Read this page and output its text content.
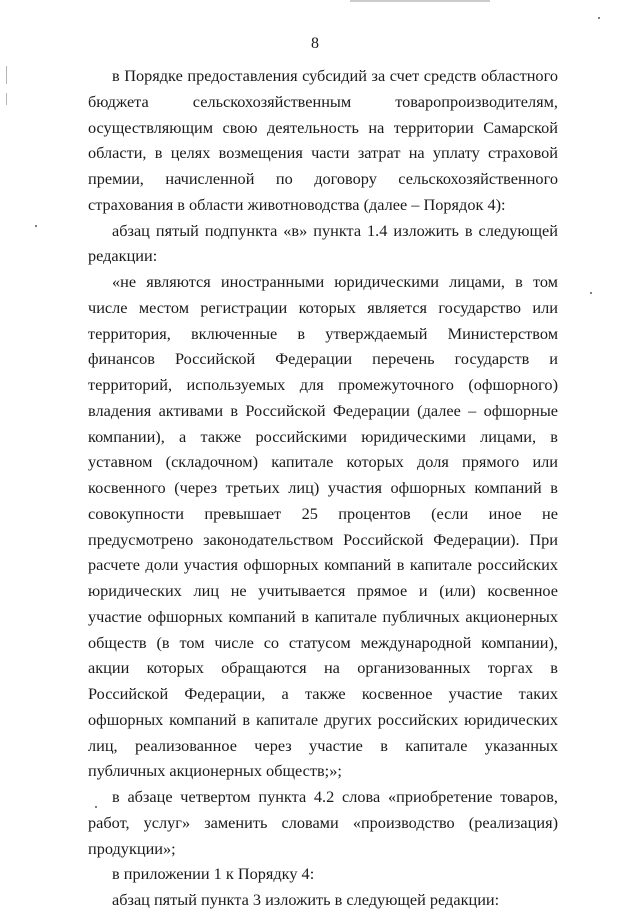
8

в Порядке предоставления субсидий за счет средств областного бюджета сельскохозяйственным товаропроизводителям, осуществляющим свою деятельность на территории Самарской области, в целях возмещения части затрат на уплату страховой премии, начисленной по договору сельскохозяйственного страхования в области животноводства (далее – Порядок 4):

абзац пятый подпункта «в» пункта 1.4 изложить в следующей редакции:

«не являются иностранными юридическими лицами, в том числе местом регистрации которых является государство или территория, включенные в утверждаемый Министерством финансов Российской Федерации перечень государств и территорий, используемых для промежуточного (офшорного) владения активами в Российской Федерации (далее – офшорные компании), а также российскими юридическими лицами, в уставном (складочном) капитале которых доля прямого или косвенного (через третьих лиц) участия офшорных компаний в совокупности превышает 25 процентов (если иное не предусмотрено законодательством Российской Федерации). При расчете доли участия офшорных компаний в капитале российских юридических лиц не учитывается прямое и (или) косвенное участие офшорных компаний в капитале публичных акционерных обществ (в том числе со статусом международной компании), акции которых обращаются на организованных торгах в Российской Федерации, а также косвенное участие таких офшорных компаний в капитале других российских юридических лиц, реализованное через участие в капитале указанных публичных акционерных обществ;»;

в абзаце четвертом пункта 4.2 слова «приобретение товаров, работ, услуг» заменить словами «производство (реализация) продукции»;

в приложении 1 к Порядку 4:

абзац пятый пункта 3 изложить в следующей редакции:
